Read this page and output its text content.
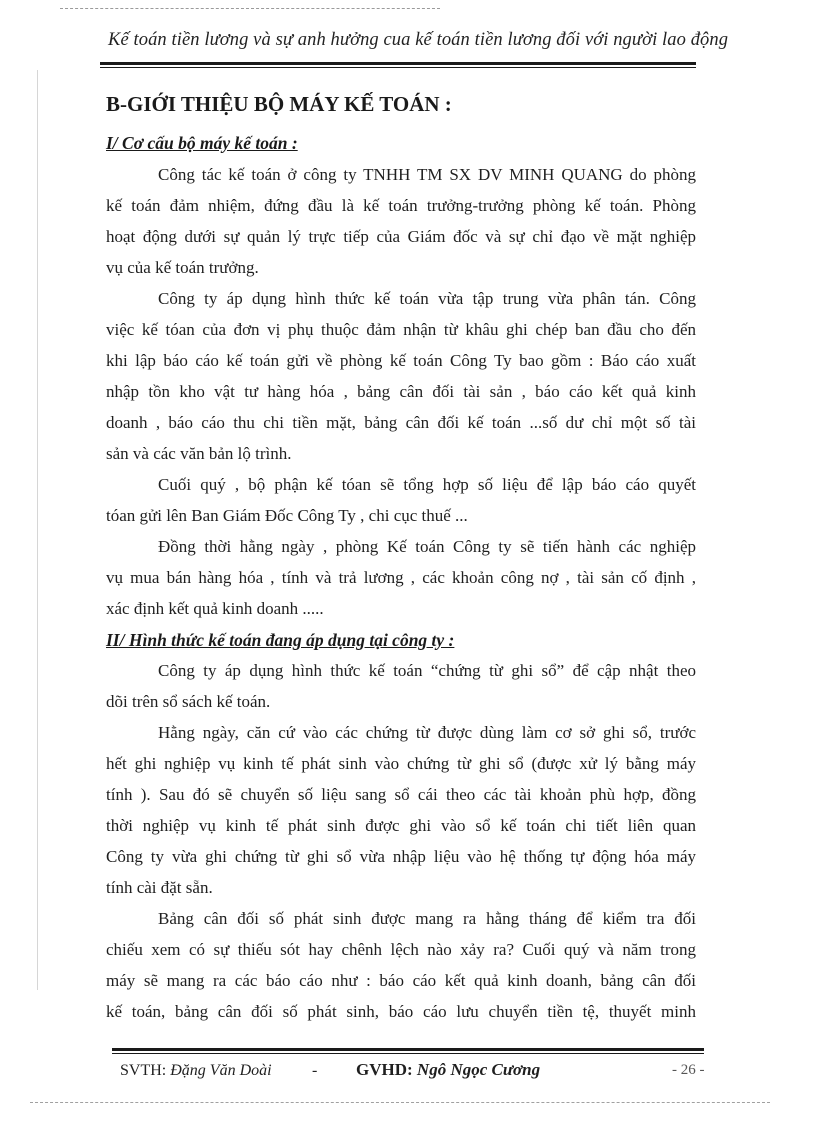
Kế toán tiền lương và sự anh hưởng cua kế toán tiền lương đối với người lao động
B-GIỚI THIỆU BỘ MÁY KẾ TOÁN :
I/ Cơ cấu bộ máy kế toán :
Công tác kế toán ở công ty TNHH TM SX DV MINH QUANG do phòng
kế toán đảm nhiệm, đứng đầu là kế toán trưởng-trưởng phòng kế toán. Phòng
hoạt động dưới sự quản lý trực tiếp của Giám đốc và sự chỉ đạo về mặt nghiệp
vụ của kế toán trưởng.
Công ty áp dụng hình thức kế toán vừa tập trung vừa phân tán. Công
việc kế tóan của đơn vị phụ thuộc đảm nhận từ khâu ghi chép ban đầu cho đến
khi lập báo cáo kế toán gửi về phòng kế toán Công Ty bao gồm : Báo cáo xuất
nhập tồn kho vật tư hàng hóa , bảng cân đối tài sản , báo cáo kết quả kinh
doanh , báo cáo thu chi tiền mặt, bảng cân đối kế toán ...số dư chỉ một số tài
sản và các văn bản lộ trình.
Cuối quý , bộ phận kế tóan sẽ tổng hợp số liệu để lập báo cáo quyết
tóan gửi lên Ban Giám Đốc Công Ty , chi cục thuế ...
Đồng thời hằng ngày , phòng Kế toán Công ty sẽ tiến hành các nghiệp
vụ mua bán hàng hóa , tính và trả lương , các khoản công nợ , tài sản cố định ,
xác định kết quả kinh doanh .....
II/ Hình thức kế toán đang áp dụng tại công ty :
Công ty áp dụng hình thức kế toán “chứng từ ghi sổ” để cập nhật theo
dõi trên sổ sách kế toán.
Hằng ngày, căn cứ vào các chứng từ được dùng làm cơ sở ghi sổ, trước
hết ghi nghiệp vụ kinh tế phát sinh vào chứng từ ghi sổ (được xử lý bằng máy
tính ). Sau đó sẽ chuyển số liệu sang sổ cái theo các tài khoản phù hợp, đồng
thời nghiệp vụ kinh tế phát sinh được ghi vào sổ kế toán chi tiết liên quan
Công ty vừa ghi chứng từ ghi sổ vừa nhập liệu vào hệ thống tự động hóa máy
tính cài đặt sẵn.
Bảng cân đối số phát sinh được mang ra hằng tháng để kiểm tra đối
chiếu xem có sự thiếu sót hay chênh lệch nào xảy ra? Cuối quý và năm trong
máy sẽ mang ra các báo cáo như : báo cáo kết quả kinh doanh, bảng cân đối
kế toán, bảng cân đối số phát sinh, báo cáo lưu chuyển tiền tệ, thuyết minh
SVTH: Đặng Văn Doài	- GVHD: Ngô Ngọc Cương	- 26 -
